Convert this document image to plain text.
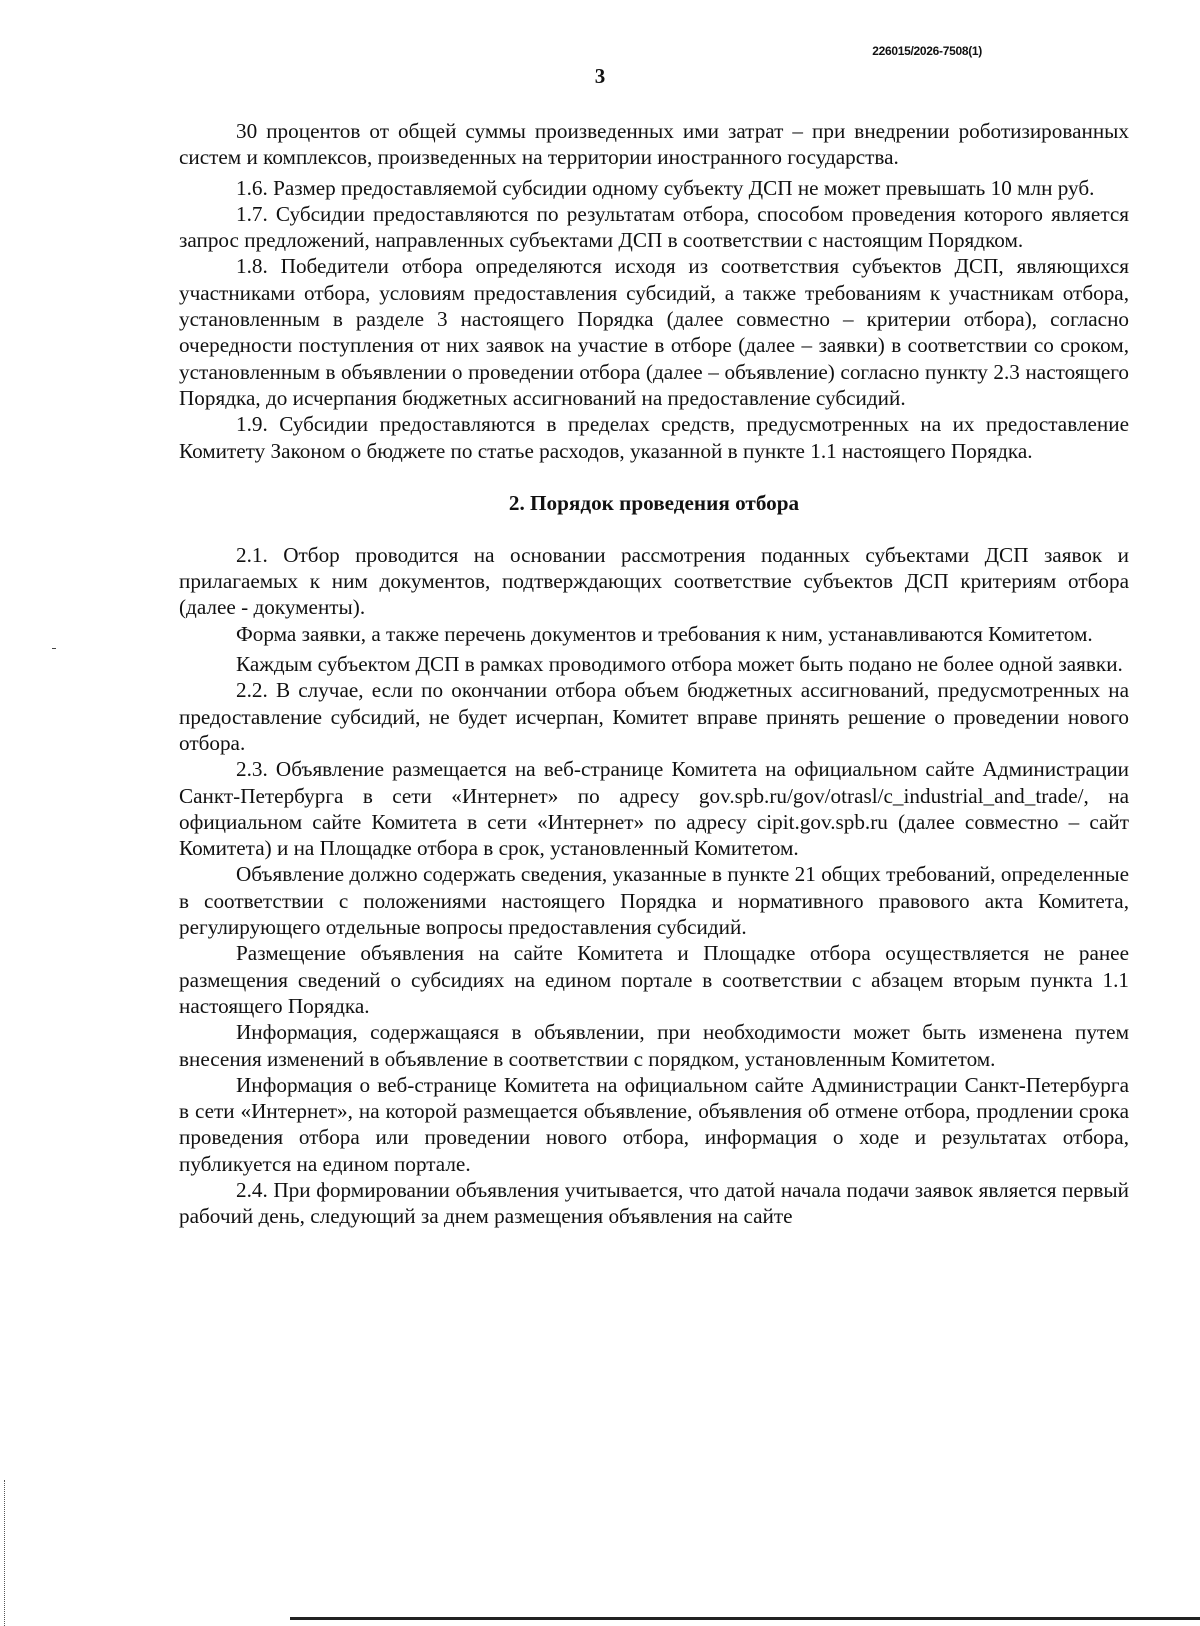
226015/2026-7508(1)
3

30 процентов от общей суммы произведенных ими затрат – при внедрении роботизированных систем и комплексов, произведенных на территории иностранного государства.

1.6. Размер предоставляемой субсидии одному субъекту ДСП не может превышать 10 млн руб.

1.7. Субсидии предоставляются по результатам отбора, способом проведения которого является запрос предложений, направленных субъектами ДСП в соответствии с настоящим Порядком.

1.8. Победители отбора определяются исходя из соответствия субъектов ДСП, являющихся участниками отбора, условиям предоставления субсидий, а также требованиям к участникам отбора, установленным в разделе 3 настоящего Порядка (далее совместно – критерии отбора), согласно очередности поступления от них заявок на участие в отборе (далее – заявки) в соответствии со сроком, установленным в объявлении о проведении отбора (далее – объявление) согласно пункту 2.3 настоящего Порядка, до исчерпания бюджетных ассигнований на предоставление субсидий.

1.9. Субсидии предоставляются в пределах средств, предусмотренных на их предоставление Комитету Законом о бюджете по статье расходов, указанной в пункте 1.1 настоящего Порядка.

2. Порядок проведения отбора

2.1. Отбор проводится на основании рассмотрения поданных субъектами ДСП заявок и прилагаемых к ним документов, подтверждающих соответствие субъектов ДСП критериям отбора (далее - документы).

Форма заявки, а также перечень документов и требования к ним, устанавливаются Комитетом.

Каждым субъектом ДСП в рамках проводимого отбора может быть подано не более одной заявки.

2.2. В случае, если по окончании отбора объем бюджетных ассигнований, предусмотренных на предоставление субсидий, не будет исчерпан, Комитет вправе принять решение о проведении нового отбора.

2.3. Объявление размещается на веб-странице Комитета на официальном сайте Администрации Санкт-Петербурга в сети «Интернет» по адресу gov.spb.ru/gov/otrasl/c_industrial_and_trade/, на официальном сайте Комитета в сети «Интернет» по адресу cipit.gov.spb.ru (далее совместно – сайт Комитета) и на Площадке отбора в срок, установленный Комитетом.

Объявление должно содержать сведения, указанные в пункте 21 общих требований, определенные в соответствии с положениями настоящего Порядка и нормативного правового акта Комитета, регулирующего отдельные вопросы предоставления субсидий.

Размещение объявления на сайте Комитета и Площадке отбора осуществляется не ранее размещения сведений о субсидиях на едином портале в соответствии с абзацем вторым пункта 1.1 настоящего Порядка.

Информация, содержащаяся в объявлении, при необходимости может быть изменена путем внесения изменений в объявление в соответствии с порядком, установленным Комитетом.

Информация о веб-странице Комитета на официальном сайте Администрации Санкт-Петербурга в сети «Интернет», на которой размещается объявление, объявления об отмене отбора, продлении срока проведения отбора или проведении нового отбора, информация о ходе и результатах отбора, публикуется на едином портале.

2.4. При формировании объявления учитывается, что датой начала подачи заявок является первый рабочий день, следующий за днем размещения объявления на сайте
